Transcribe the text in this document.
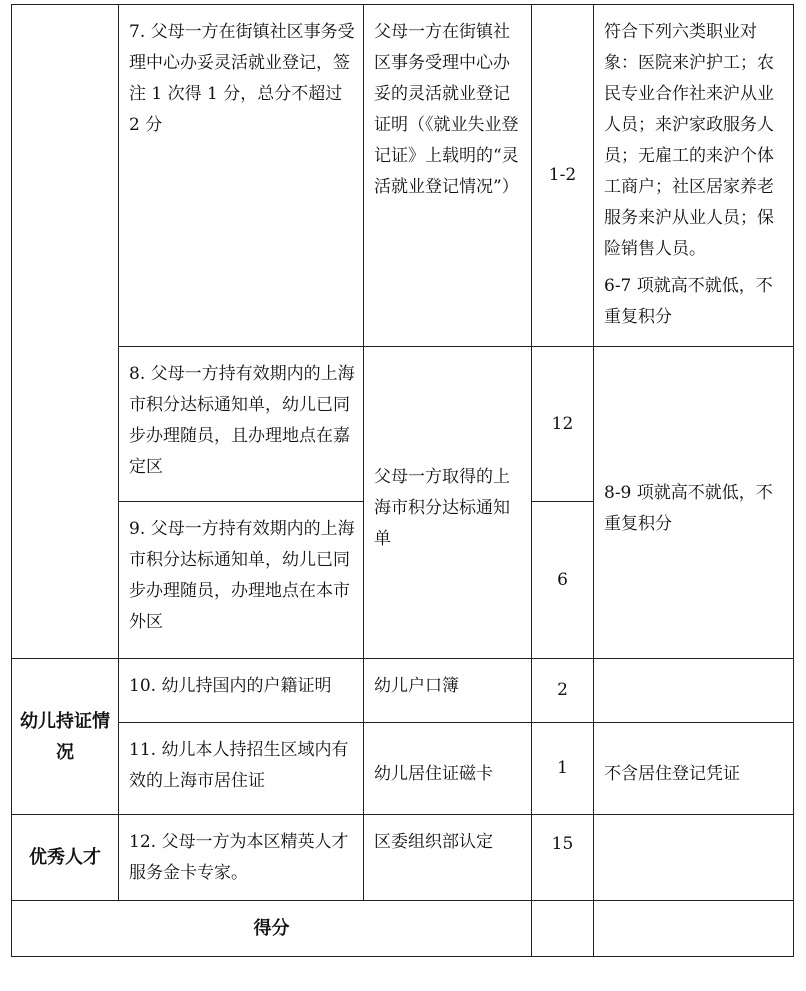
	7. 父母一方在街镇社区事务受理中心办妥灵活就业登记，签注 1 次得 1 分，总分不超过 2 分	父母一方在街镇社区事务受理中心办妥的灵活就业登记证明（《就业失业登记证》上载明的“灵活就业登记情况”）	1-2	符合下列六类职业对象：医院来沪护工；农民专业合作社来沪从业人员；来沪家政服务人员；无雇工的来沪个体工商户；社区居家养老服务来沪从业人员；保险销售人员。
6-7 项就高不就低，不重复积分

	8. 父母一方持有效期内的上海市积分达标通知单，幼儿已同步办理随员，且办理地点在嘉定区	父母一方取得的上海市积分达标通知单	12	8-9 项就高不就低，不重复积分
	9. 父母一方持有效期内的上海市积分达标通知单，幼儿已同步办理随员，办理地点在本市外区		6	
幼儿持证情况	10. 幼儿持国内的户籍证明	幼儿户口簿	2	
	11. 幼儿本人持招生区域内有效的上海市居住证	幼儿居住证磁卡	1	不含居住登记凭证
优秀人才	12. 父母一方为本区精英人才服务金卡专家。	区委组织部认定	15	
得分				
